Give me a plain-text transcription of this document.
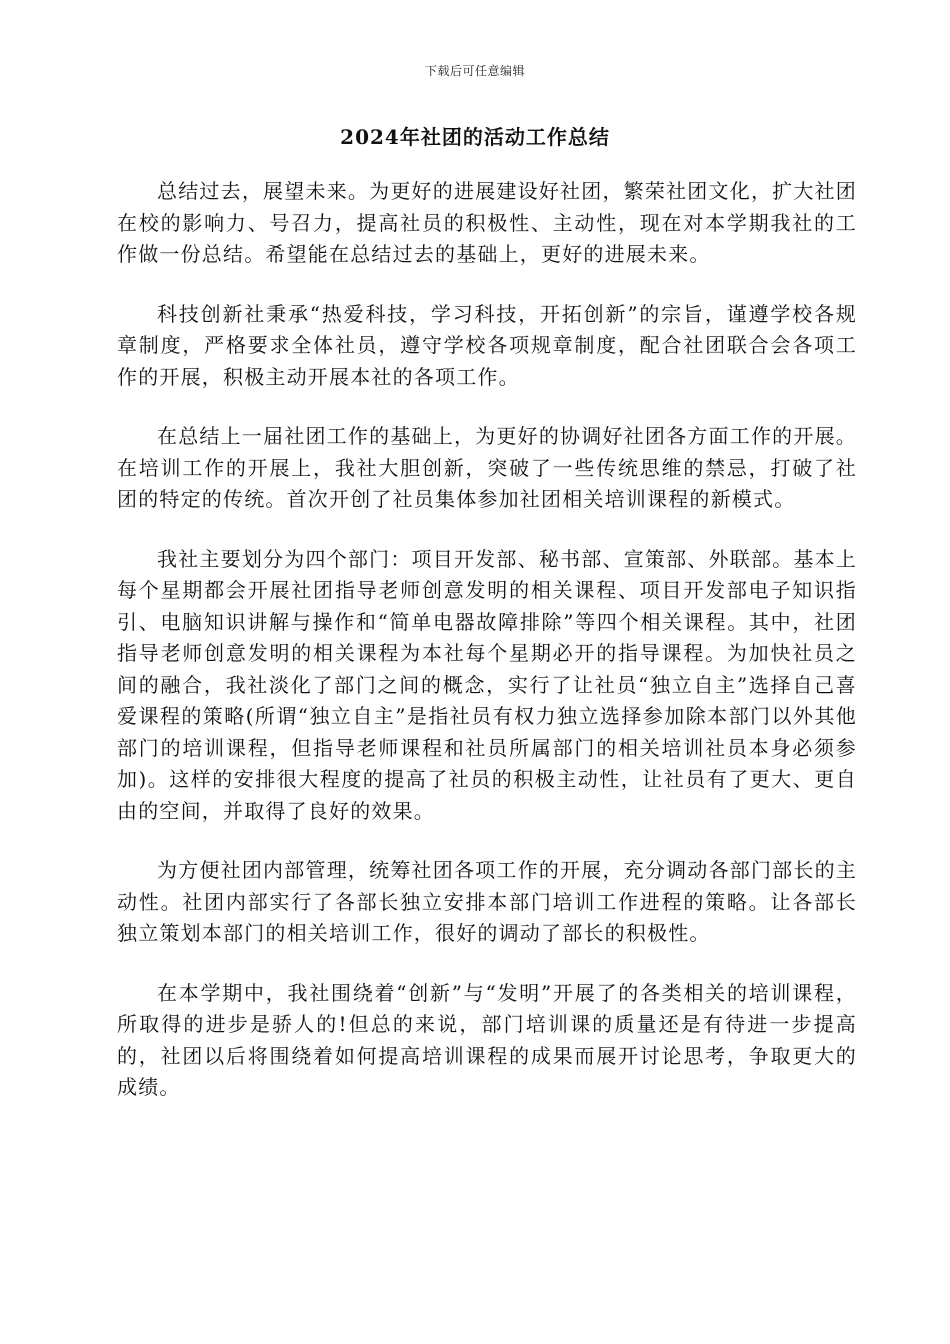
下载后可任意编辑
2024年社团的活动工作总结

总结过去，展望未来。为更好的进展建设好社团，繁荣社团文化，扩大社团在校的影响力、号召力，提高社员的积极性、主动性，现在对本学期我社的工作做一份总结。希望能在总结过去的基础上，更好的进展未来。

科技创新社秉承“热爱科技，学习科技，开拓创新”的宗旨，谨遵学校各规章制度，严格要求全体社员，遵守学校各项规章制度，配合社团联合会各项工作的开展，积极主动开展本社的各项工作。

在总结上一届社团工作的基础上，为更好的协调好社团各方面工作的开展。在培训工作的开展上，我社大胆创新，突破了一些传统思维的禁忌，打破了社团的特定的传统。首次开创了社员集体参加社团相关培训课程的新模式。

我社主要划分为四个部门：项目开发部、秘书部、宣策部、外联部。基本上每个星期都会开展社团指导老师创意发明的相关课程、项目开发部电子知识指引、电脑知识讲解与操作和“简单电器故障排除”等四个相关课程。其中，社团指导老师创意发明的相关课程为本社每个星期必开的指导课程。为加快社员之间的融合，我社淡化了部门之间的概念，实行了让社员“独立自主”选择自己喜爱课程的策略(所谓“独立自主”是指社员有权力独立选择参加除本部门以外其他部门的培训课程，但指导老师课程和社员所属部门的相关培训社员本身必须参加)。这样的安排很大程度的提高了社员的积极主动性，让社员有了更大、更自由的空间，并取得了良好的效果。

为方便社团内部管理，统筹社团各项工作的开展，充分调动各部门部长的主动性。社团内部实行了各部长独立安排本部门培训工作进程的策略。让各部长独立策划本部门的相关培训工作，很好的调动了部长的积极性。

在本学期中，我社围绕着“创新”与“发明”开展了的各类相关的培训课程，所取得的进步是骄人的!但总的来说，部门培训课的质量还是有待进一步提高的，社团以后将围绕着如何提高培训课程的成果而展开讨论思考，争取更大的成绩。
